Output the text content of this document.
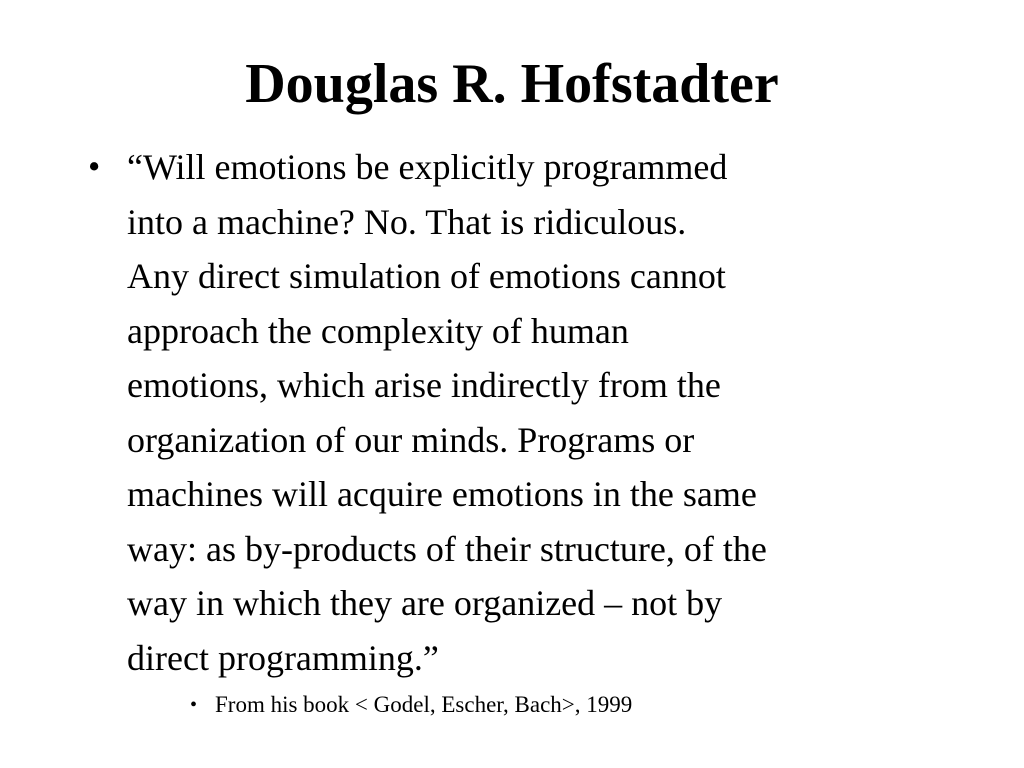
Douglas R. Hofstadter
• “Will emotions be explicitly programmed
into a machine? No. That is ridiculous.
Any direct simulation of emotions cannot
approach the complexity of human
emotions, which arise indirectly from the
organization of our minds. Programs or
machines will acquire emotions in the same
way: as by-products of their structure, of the
way in which they are organized – not by
direct programming.”
• From his book < Godel, Escher, Bach>, 1999
